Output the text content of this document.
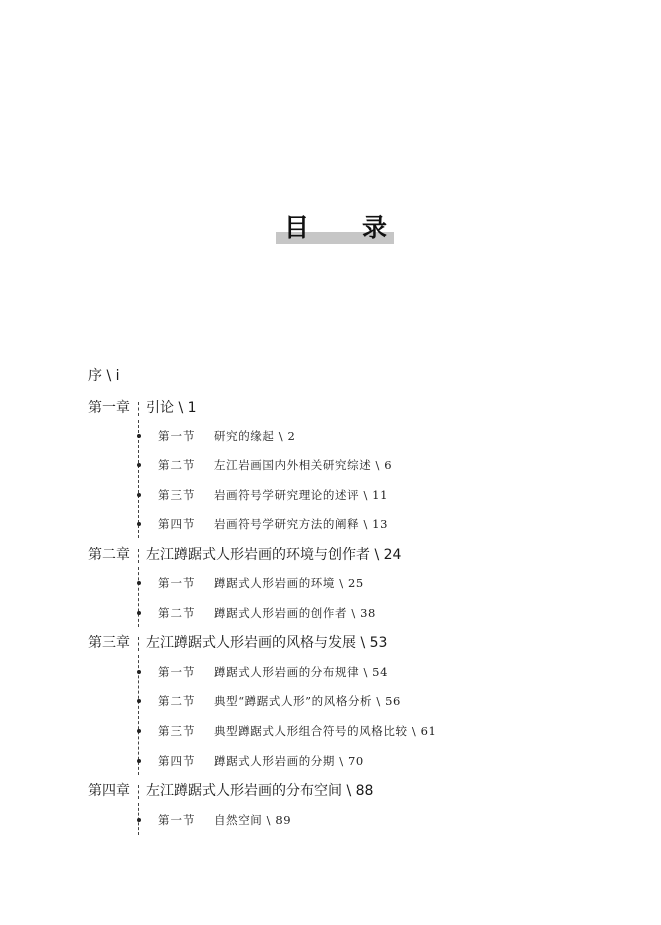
目 录
序 \ i
第一章 引论 \ 1
第一节 研究的缘起 \ 2
第二节 左江岩画国内外相关研究综述 \ 6
第三节 岩画符号学研究理论的述评 \ 11
第四节 岩画符号学研究方法的阐释 \ 13
第二章 左江蹲踞式人形岩画的环境与创作者 \ 24
第一节 蹲踞式人形岩画的环境 \ 25
第二节 蹲踞式人形岩画的创作者 \ 38
第三章 左江蹲踞式人形岩画的风格与发展 \ 53
第一节 蹲踞式人形岩画的分布规律 \ 54
第二节 典型“蹲踞式人形”的风格分析 \ 56
第三节 典型蹲踞式人形组合符号的风格比较 \ 61
第四节 蹲踞式人形岩画的分期 \ 70
第四章 左江蹲踞式人形岩画的分布空间 \ 88
第一节 自然空间 \ 89
